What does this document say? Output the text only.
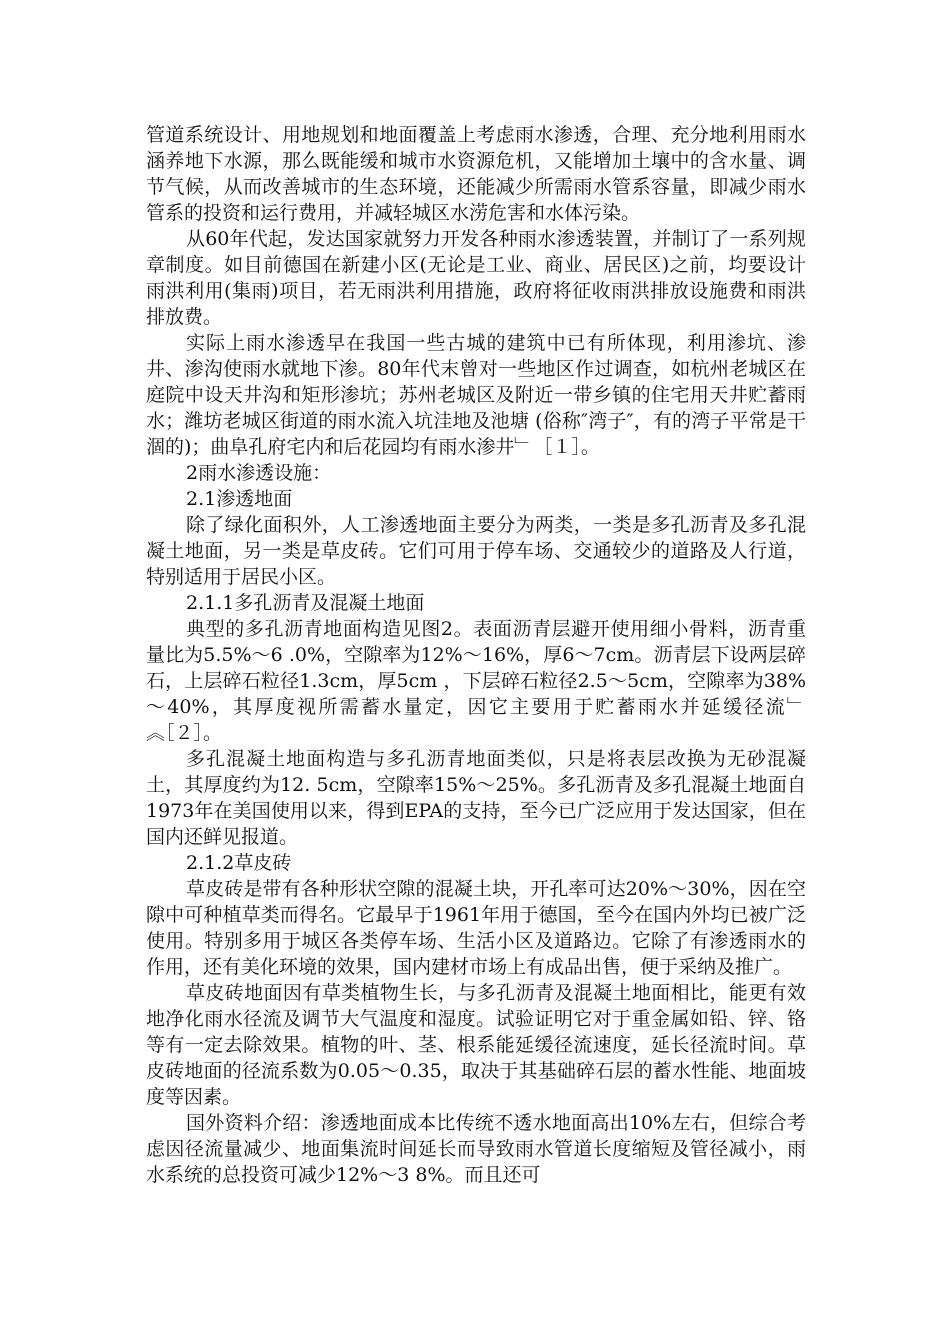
管道系统设计、用地规划和地面覆盖上考虑雨水渗透，合理、充分地利用雨水涵养地下水源，那么既能缓和城市水资源危机，又能增加土壤中的含水量、调节气候，从而改善城市的生态环境，还能减少所需雨水管系容量，即减少雨水管系的投资和运行费用，并减轻城区水涝危害和水体污染。

从60年代起，发达国家就努力开发各种雨水渗透装置，并制订了一系列规章制度。如目前德国在新建小区(无论是工业、商业、居民区)之前，均要设计雨洪利用(集雨)项目，若无雨洪利用措施，政府将征收雨洪排放设施费和雨洪排放费。

实际上雨水渗透早在我国一些古城的建筑中已有所体现，利用渗坑、渗井、渗沟使雨水就地下渗。80年代末曾对一些地区作过调查，如杭州老城区在庭院中设天井沟和矩形渗坑；苏州老城区及附近一带乡镇的住宅用天井贮蓄雨水；潍坊老城区街道的雨水流入坑洼地及池塘 (俗称″湾子″，有的湾子平常是干涸的)；曲阜孔府宅内和后花园均有雨水渗井﹂［１］。

2雨水渗透设施：

2.1渗透地面

除了绿化面积外，人工渗透地面主要分为两类，一类是多孔沥青及多孔混凝土地面，另一类是草皮砖。它们可用于停车场、交通较少的道路及人行道，特别适用于居民小区。

2.1.1多孔沥青及混凝土地面

典型的多孔沥青地面构造见图2。表面沥青层避开使用细小骨料，沥青重量比为5.5%～6 .0%，空隙率为12%～16%，厚6～7cm。沥青层下设两层碎石，上层碎石粒径1.3cm，厚5cm ，下层碎石粒径2.5～5cm，空隙率为38%～40%，其厚度视所需蓄水量定，因它主要用于贮蓄雨水并延缓径流﹂︽［２］。

多孔混凝土地面构造与多孔沥青地面类似，只是将表层改换为无砂混凝土，其厚度约为12. 5cm，空隙率15%～25%。多孔沥青及多孔混凝土地面自1973年在美国使用以来，得到EPA的支持，至今已广泛应用于发达国家，但在国内还鲜见报道。

2.1.2草皮砖

草皮砖是带有各种形状空隙的混凝土块，开孔率可达20%～30%，因在空隙中可种植草类而得名。它最早于1961年用于德国，至今在国内外均已被广泛使用。特别多用于城区各类停车场、生活小区及道路边。它除了有渗透雨水的作用，还有美化环境的效果，国内建材市场上有成品出售，便于采纳及推广。

草皮砖地面因有草类植物生长，与多孔沥青及混凝土地面相比，能更有效地净化雨水径流及调节大气温度和湿度。试验证明它对于重金属如铅、锌、铬等有一定去除效果。植物的叶、茎、根系能延缓径流速度，延长径流时间。草皮砖地面的径流系数为0.05～0.35，取决于其基础碎石层的蓄水性能、地面坡度等因素。

国外资料介绍：渗透地面成本比传统不透水地面高出10%左右，但综合考虑因径流量减少、地面集流时间延长而导致雨水管道长度缩短及管径减小，雨水系统的总投资可减少12%～3 8%。而且还可
